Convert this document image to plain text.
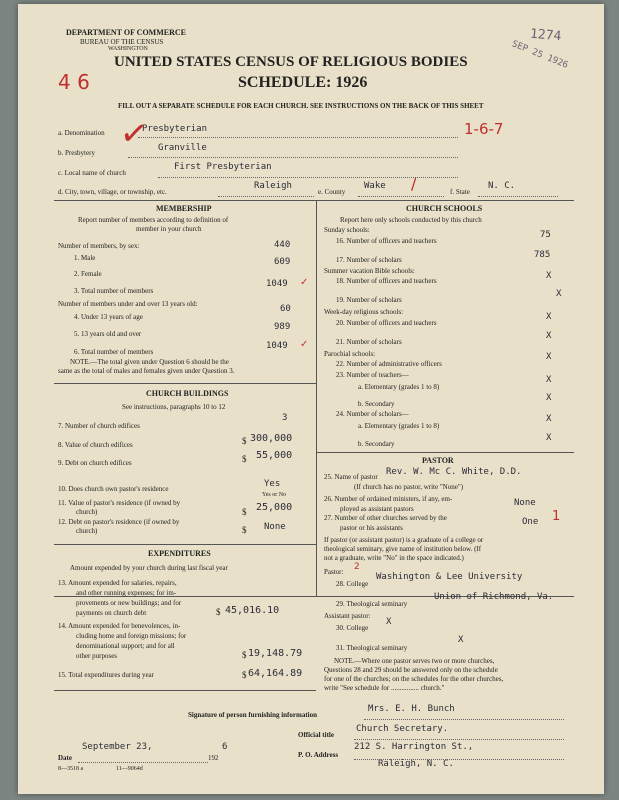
DEPARTMENT OF COMMERCE
BUREAU OF THE CENSUS
WASHINGTON
1274
SEP 25 1926
UNITED STATES CENSUS OF RELIGIOUS BODIES
SCHEDULE: 1926
4 6
FILL OUT A SEPARATE SCHEDULE FOR EACH CHURCH. SEE INSTRUCTIONS ON THE BACK OF THIS SHEET
a. Denomination	Presbyterian
✓	1-6-7
b. Presbytery	Granville
c. Local name of church
First Presbyterian
d. City, town, village, or township, etc.
Raleigh
e. County
Wake /	f. State
N. C.
MEMBERSHIP
Report number of members according to definition of
member in your church
Number of members, by sex:
1. Male
440
2. Female
609
3. Total number of members
1049 ✓
Number of members under and over 13 years old:
4. Under 13 years of age
60
5. 13 years old and over
989
6. Total number of members
1049 ✓
NOTE.—The total given under Question 6 should be the
same as the total of males and females given under Question 3.
CHURCH BUILDINGS
See instructions, paragraphs 10 to 12
7. Number of church edifices
3
8. Value of church edifices	$ 300,000
9. Debt on church edifices	$ 55,000
10. Does church own pastor's residence	Yes
Yes or No
11. Value of pastor's residence (if owned by
church)	$ 25,000
12. Debt on pastor's residence (if owned by
church)	$ None
EXPENDITURES
Amount expended by your church during last fiscal year
13. Amount expended for salaries, repairs,
and other running expenses; for im-
provements or new buildings; and for
payments on church debt	$ 45,016.10
14. Amount expended for benevolences, in-
cluding home and foreign missions; for
denominational support; and for all
other purposes	$ 19,148.79
15. Total expenditures during year	$ 64,164.89
CHURCH SCHOOLS
Report here only schools conducted by this church
Sunday schools:
16. Number of officers and teachers
75
17. Number of scholars	785
Summer vacation Bible schools:
18. Number of officers and teachers	X
19. Number of scholars
X
Week-day religious schools:
20. Number of officers and teachers
X
21. Number of scholars
X
Parochial schools:
22. Number of administrative officers
X
23. Number of teachers—
a. Elementary (grades 1 to 8)
X
b. Secondary
X
24. Number of scholars—
a. Elementary (grades 1 to 8)
X
b. Secondary
X
PASTOR
25. Name of pastor Rev. W. Mc C. White, D.D.
(If church has no pastor, write "None")
26. Number of ordained ministers, if any, em-
ployed as assistant pastors
None
27. Number of other churches served by the
pastor or his assistants
One 1
If pastor (or assistant pastor) is a graduate of a college or
theological seminary, give name of institution below. (If
not a graduate, write "No" in the space indicated.)
Pastor: 2
28. College
Washington & Lee University
29. Theological seminary
Union of Richmond, Va.
Assistant pastor:
30. College
X
31. Theological seminary
X
NOTE.—Where one pastor serves two or more churches,
Questions 28 and 29 should be answered only on the schedule
for one of the churches; on the schedules for the other churches,
write "See schedule for ................ church."
Signature of person furnishing information
Mrs. E. H. Bunch
Official title
Church Secretary.
Date
September 23,
192
6
P. O. Address
212 S. Harrington St.,
Raleigh, N. C.
8—3518 a	11—9064d
